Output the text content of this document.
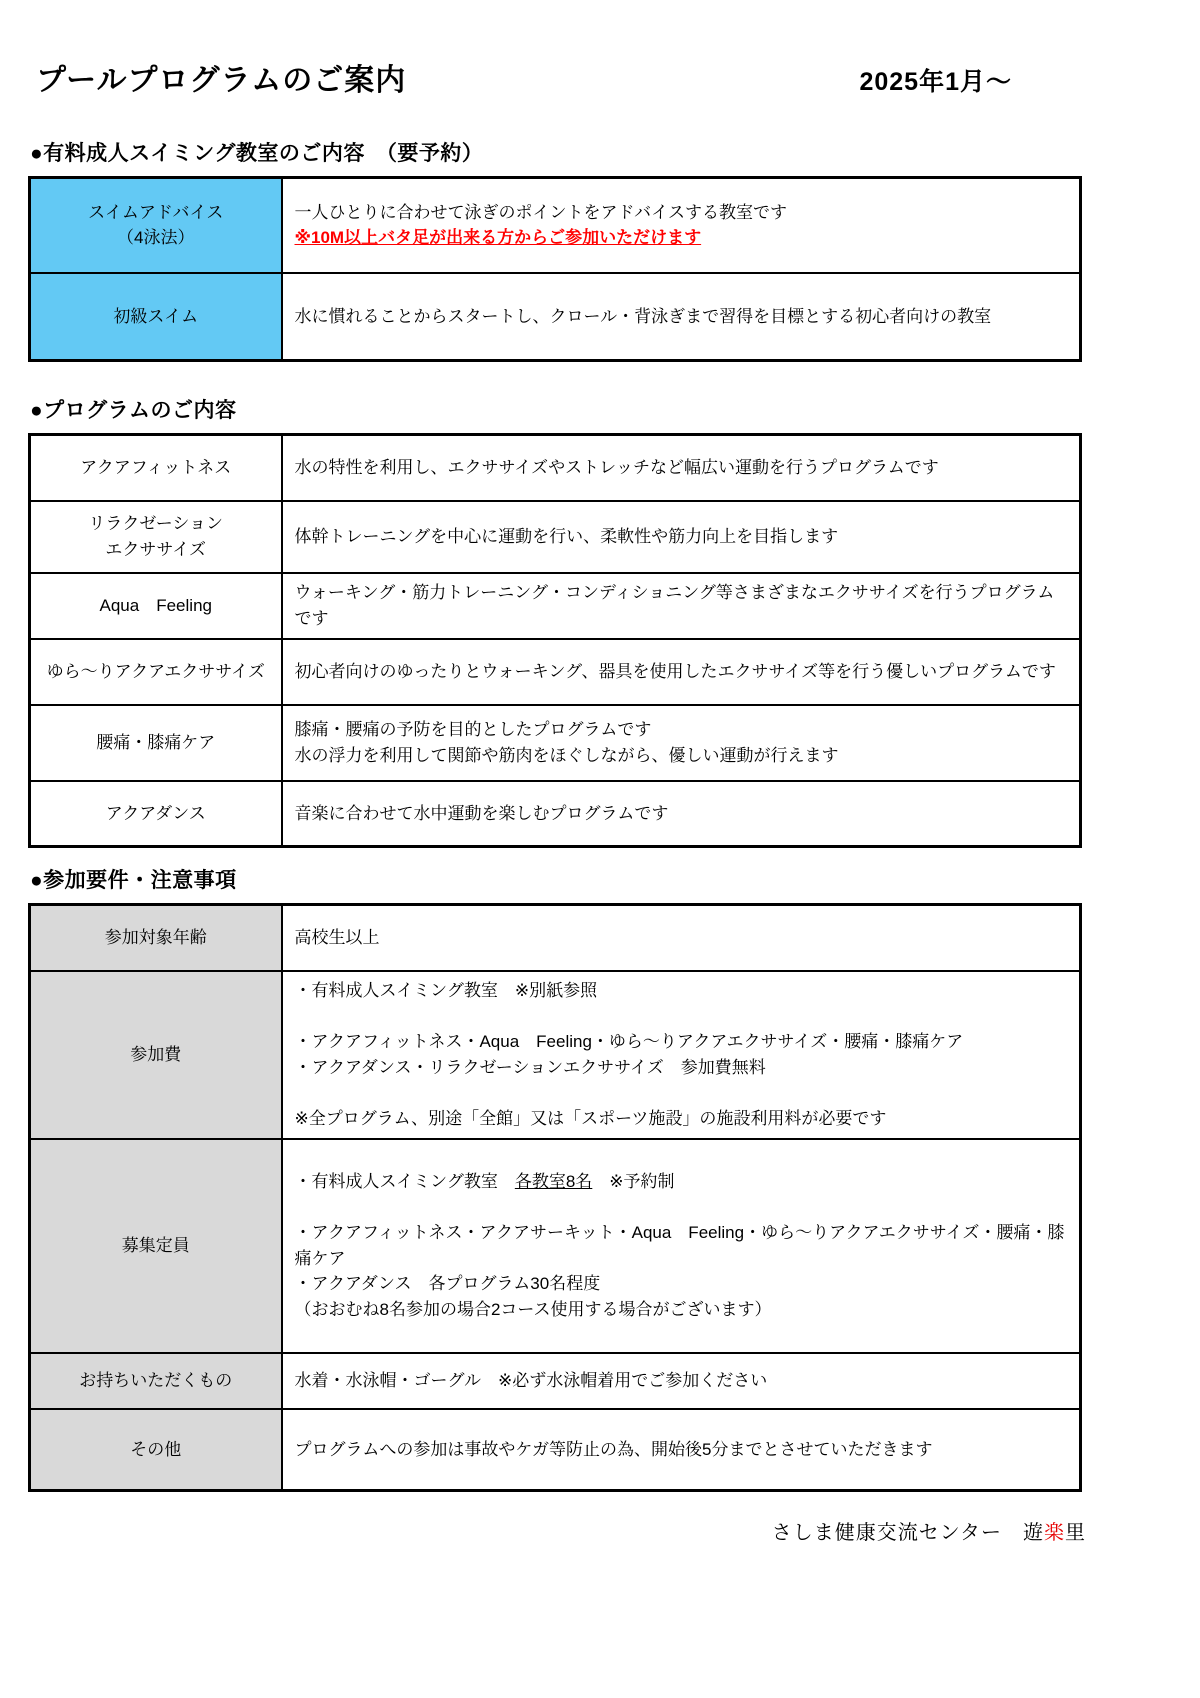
プールプログラムのご案内	2025年1月～
●有料成人スイミング教室のご内容　（要予約）
スイムアドバイス
（4泳法）	一人ひとりに合わせて泳ぎのポイントをアドバイスする教室です
※10M以上バタ足が出来る方からご参加いただけます

初級スイム	水に慣れることからスタートし、クロール・背泳ぎまで習得を目標とする初心者向けの教室
●プログラムのご内容
アクアフィットネス	水の特性を利用し、エクササイズやストレッチなど幅広い運動を行うプログラムです

リラクゼーション
エクササイズ	体幹トレーニングを中心に運動を行い、柔軟性や筋力向上を目指します
Aqua　Feeling	ウォーキング・筋力トレーニング・コンディショニング等さまざまなエクササイズを行うプログラムです
ゆら～りアクアエクササイズ	初心者向けのゆったりとウォーキング、器具を使用したエクササイズ等を行う優しいプログラムです
腰痛・膝痛ケア	膝痛・腰痛の予防を目的としたプログラムです
水の浮力を利用して関節や筋肉をほぐしながら、優しい運動が行えます

アクアダンス	音楽に合わせて水中運動を楽しむプログラムです
●参加要件・注意事項
参加対象年齢	高校生以上
参加費	・有料成人スイミング教室　※別紙参照
・アクアフィットネス・Aqua　Feeling・ゆら～りアクアエクササイズ・腰痛・膝痛ケア
・アクアダンス・リラクゼーションエクササイズ　参加費無料
※全プログラム、別途「全館」又は「スポーツ施設」の施設利用料が必要です

募集定員	・有料成人スイミング教室　各教室8名　※予約制
・アクアフィットネス・アクアサーキット・Aqua　Feeling・ゆら～りアクアエクササイズ・腰痛・膝痛ケア
・アクアダンス　各プログラム30名程度
（おおむね8名参加の場合2コース使用する場合がございます）

お持ちいただくもの	水着・水泳帽・ゴーグル　※必ず水泳帽着用でご参加ください
その他	プログラムへの参加は事故やケガ等防止の為、開始後5分までとさせていただきます
さしま健康交流センター　遊楽里
